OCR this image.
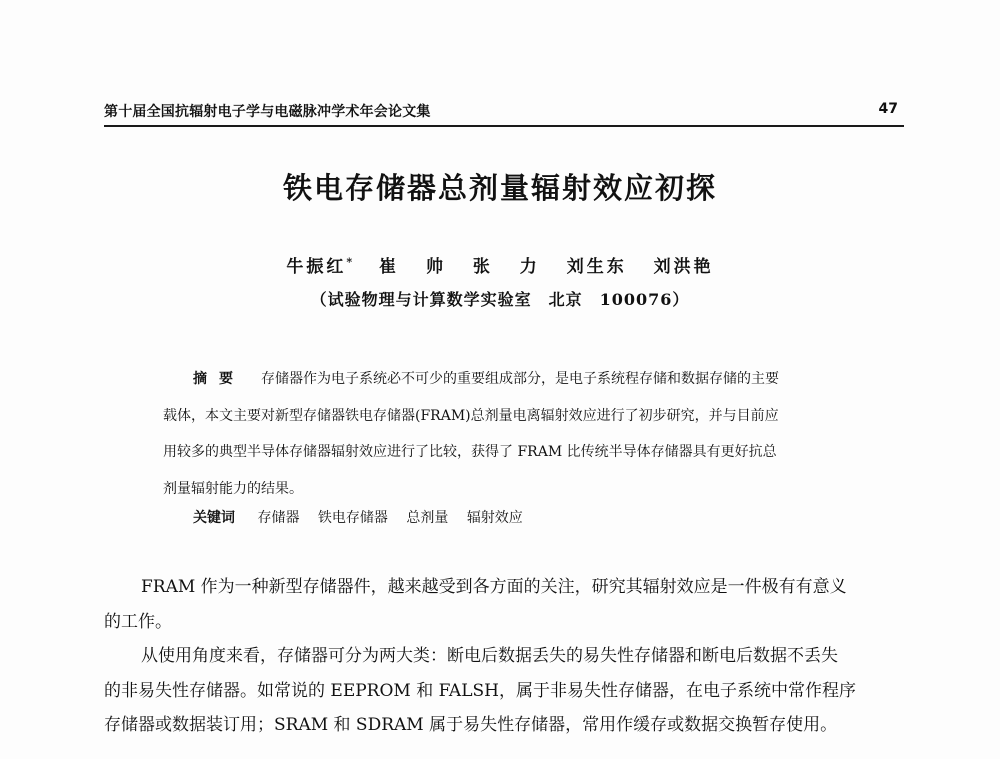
第十届全国抗辐射电子学与电磁脉冲学术年会论文集	47
铁电存储器总剂量辐射效应初探
牛振红* 崔 帅 张 力 刘生东 刘洪艳
（试验物理与计算数学实验室　北京　100076）
摘要 存储器作为电子系统必不可少的重要组成部分，是电子系统程存储和数据存储的主要
载体，本文主要对新型存储器铁电存储器(FRAM)总剂量电离辐射效应进行了初步研究，并与目前应
用较多的典型半导体存储器辐射效应进行了比较，获得了 FRAM 比传统半导体存储器具有更好抗总
剂量辐射能力的结果。
关键词 存储器 铁电存储器 总剂量 辐射效应
FRAM 作为一种新型存储器件，越来越受到各方面的关注，研究其辐射效应是一件极有有意义
的工作。
从使用角度来看，存储器可分为两大类：断电后数据丢失的易失性存储器和断电后数据不丢失
的非易失性存储器。如常说的 EEPROM 和 FALSH，属于非易失性存储器，在电子系统中常作程序
存储器或数据装订用；SRAM 和 SDRAM 属于易失性存储器，常用作缓存或数据交换暂存使用。
